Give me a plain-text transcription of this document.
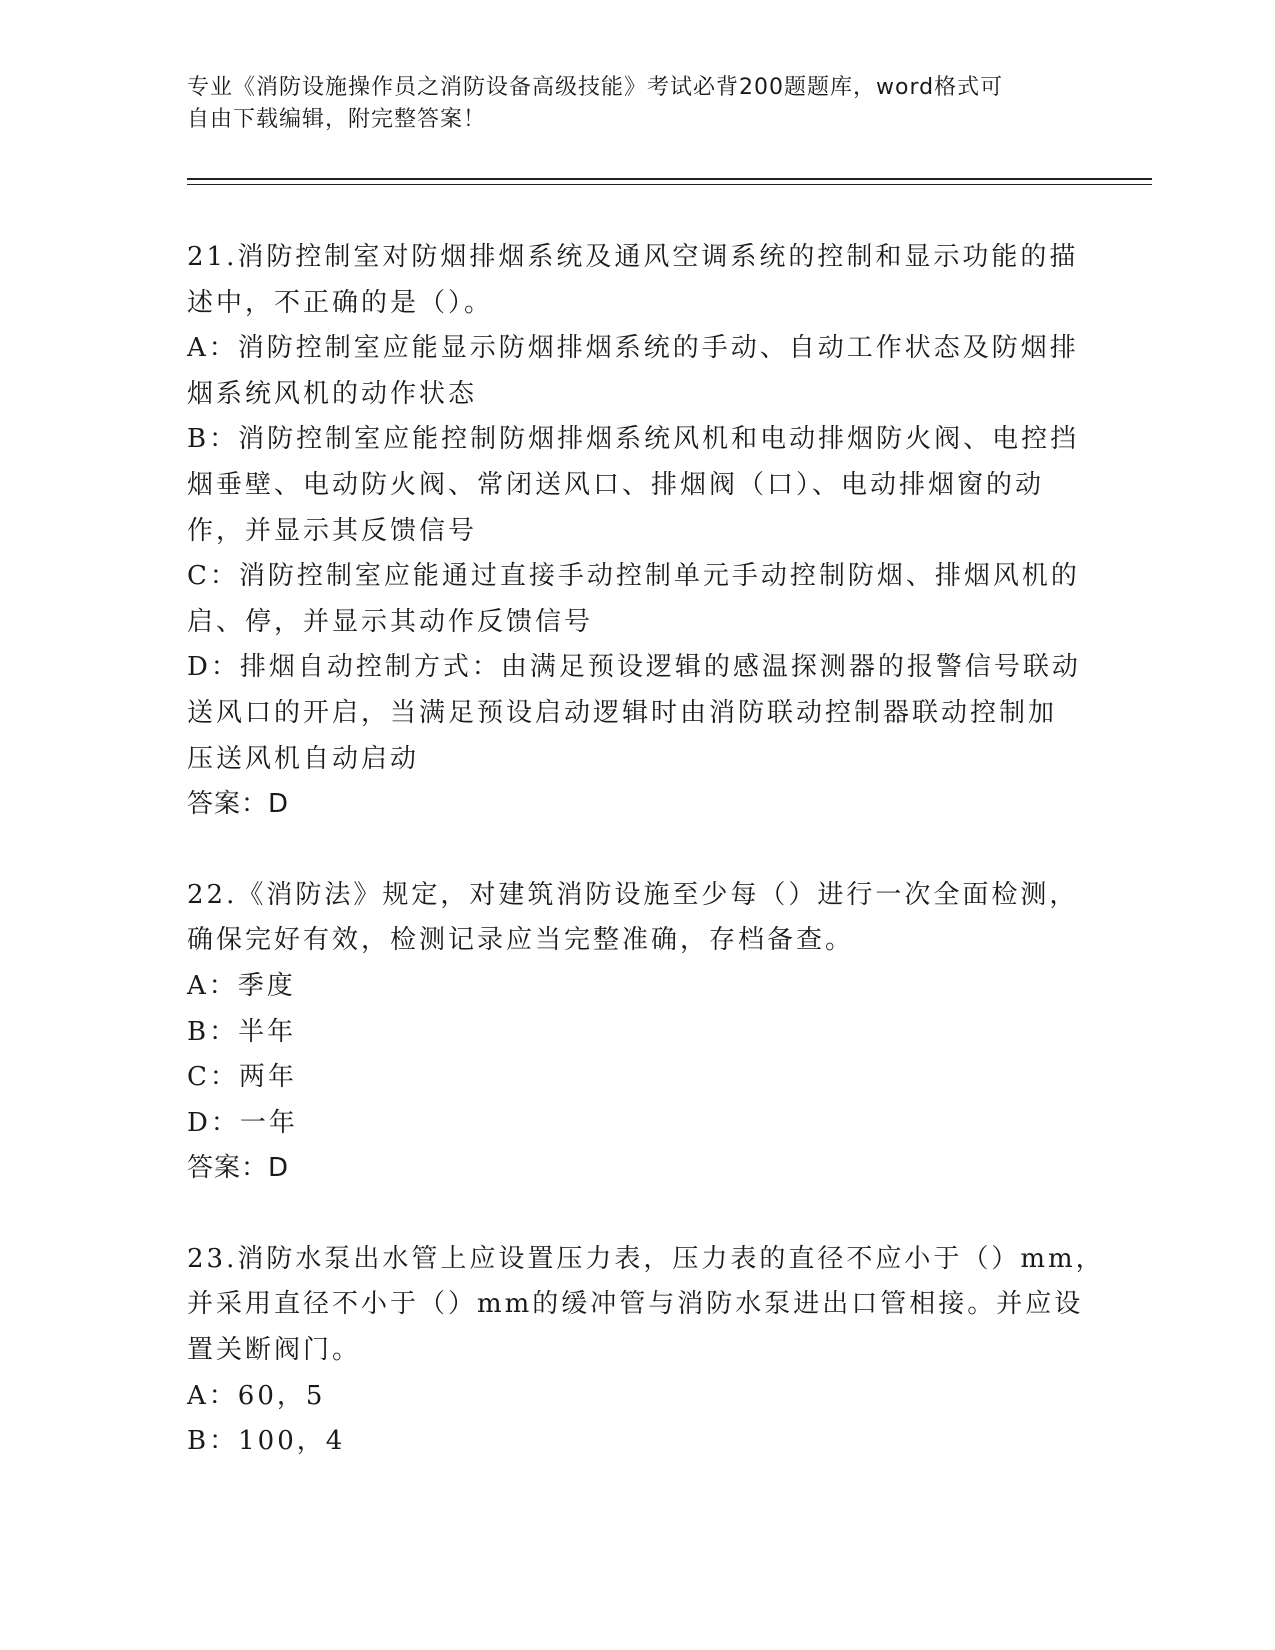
专业《消防设施操作员之消防设备高级技能》考试必背200题题库，word格式可
自由下载编辑，附完整答案！
21.消防控制室对防烟排烟系统及通风空调系统的控制和显示功能的描
述中，不正确的是（）。
A：消防控制室应能显示防烟排烟系统的手动、自动工作状态及防烟排
烟系统风机的动作状态
B：消防控制室应能控制防烟排烟系统风机和电动排烟防火阀、电控挡
烟垂壁、电动防火阀、常闭送风口、排烟阀（口）、电动排烟窗的动
作，并显示其反馈信号
C：消防控制室应能通过直接手动控制单元手动控制防烟、排烟风机的
启、停，并显示其动作反馈信号
D：排烟自动控制方式：由满足预设逻辑的感温探测器的报警信号联动
送风口的开启，当满足预设启动逻辑时由消防联动控制器联动控制加
压送风机自动启动
答案：D
22.《消防法》规定，对建筑消防设施至少每（）进行一次全面检测，
确保完好有效，检测记录应当完整准确，存档备查。
A：季度
B：半年
C：两年
D：一年
答案：D
23.消防水泵出水管上应设置压力表，压力表的直径不应小于（）mm，
并采用直径不小于（）mm的缓冲管与消防水泵进出口管相接。并应设
置关断阀门。
A：60，5
B：100，4
